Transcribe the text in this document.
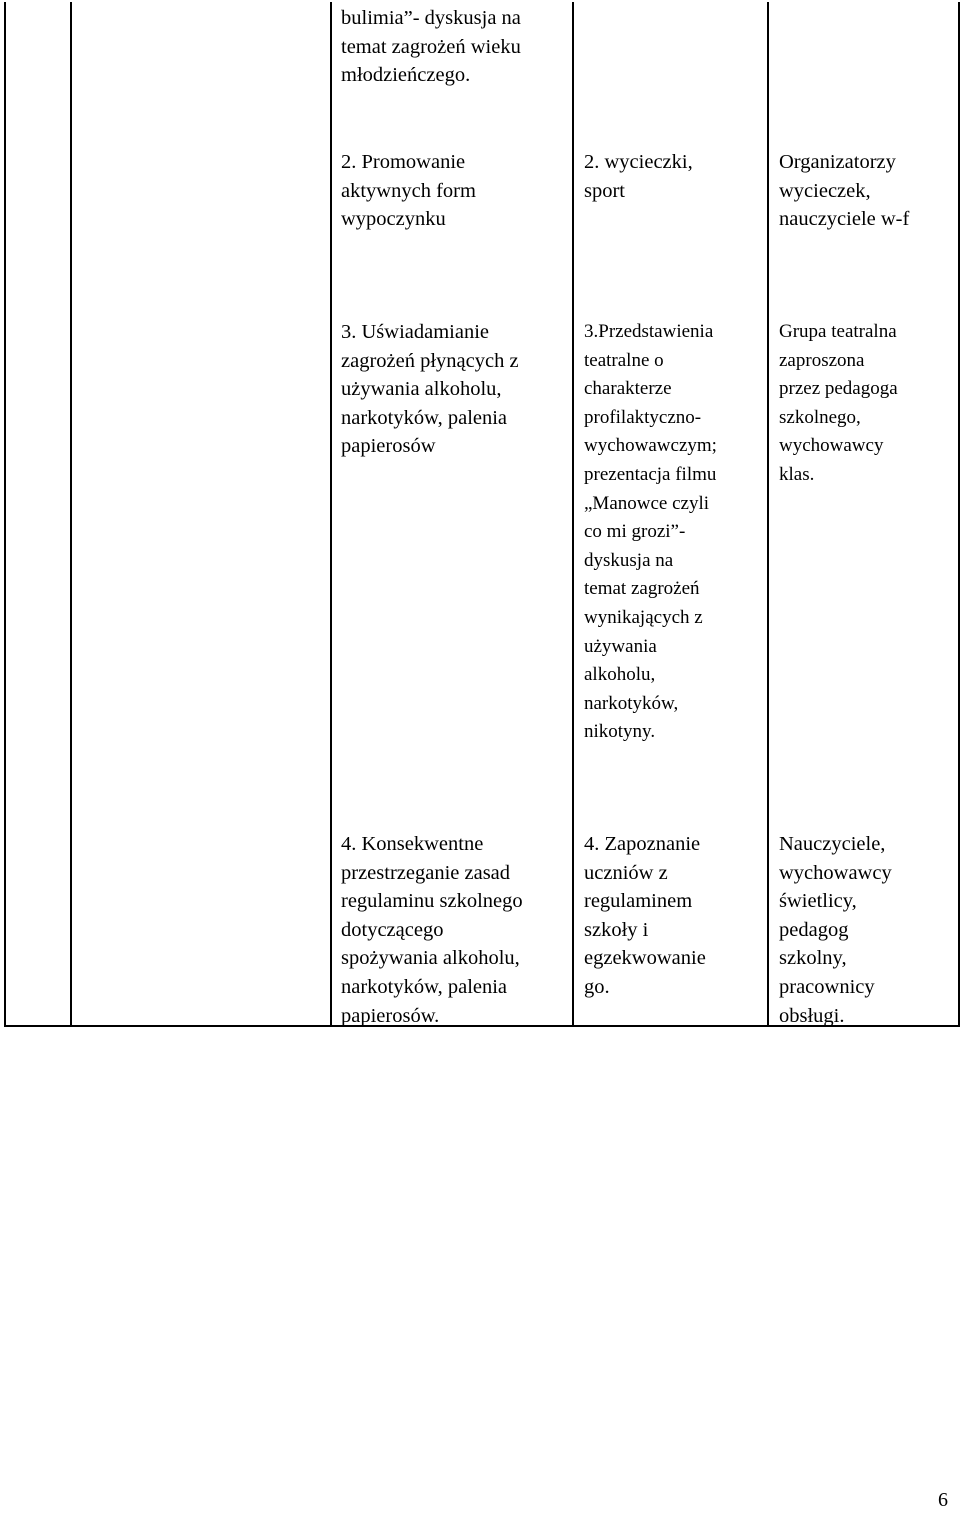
bulimia”- dyskusja na
temat zagrożeń wieku
młodzieńczego.
2. Promowanie
aktywnych form
wypoczynku
2. wycieczki,
sport
Organizatorzy
wycieczek,
nauczyciele w-f
3. Uświadamianie
zagrożeń płynących z
używania alkoholu,
narkotyków, palenia
papierosów
3.Przedstawienia
teatralne o
charakterze
profilaktyczno-
wychowawczym;
prezentacja filmu
„Manowce czyli
co mi grozi”-
dyskusja na
temat zagrożeń
wynikających z
używania
alkoholu,
narkotyków,
nikotyny.
Grupa teatralna
zaproszona
przez pedagoga
szkolnego,
wychowawcy
klas.
4. Konsekwentne
przestrzeganie zasad
regulaminu szkolnego
dotyczącego
spożywania alkoholu,
narkotyków, palenia
papierosów.
4. Zapoznanie
uczniów z
regulaminem
szkoły i
egzekwowanie
go.
Nauczyciele,
wychowawcy
świetlicy,
pedagog
szkolny,
pracownicy
obsługi.
6
